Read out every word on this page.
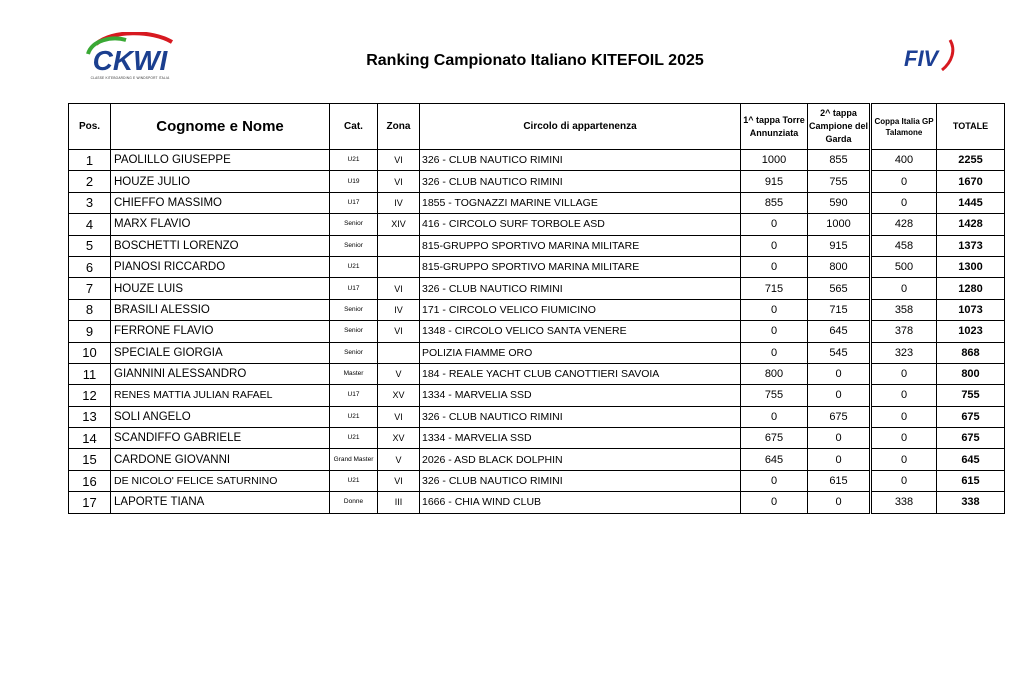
CKWI
CLASSE KITEBOARDING E WINDSPORT ITALIA
Ranking Campionato Italiano KITEFOIL 2025	FIV
Pos.	Cognome e Nome	Cat.	Zona	Circolo di appartenenza	1^ tappa Torre Annunziata	2^ tappa Campione del Garda	Coppa Italia GP Talamone	TOTALE
1	PAOLILLO GIUSEPPE	U21	VI	326 - CLUB NAUTICO RIMINI	1000	855	400	2255
2	HOUZE JULIO	U19	VI	326 - CLUB NAUTICO RIMINI	915	755	0	1670
3	CHIEFFO MASSIMO	U17	IV	1855 - TOGNAZZI MARINE VILLAGE	855	590	0	1445
4	MARX FLAVIO	Senior	XIV	416 - CIRCOLO SURF TORBOLE ASD	0	1000	428	1428
5	BOSCHETTI LORENZO	Senior		815-GRUPPO SPORTIVO MARINA MILITARE	0	915	458	1373
6	PIANOSI RICCARDO	U21		815-GRUPPO SPORTIVO MARINA MILITARE	0	800	500	1300
7	HOUZE LUIS	U17	VI	326 - CLUB NAUTICO RIMINI	715	565	0	1280
8	BRASILI ALESSIO	Senior	IV	171 - CIRCOLO VELICO FIUMICINO	0	715	358	1073
9	FERRONE FLAVIO	Senior	VI	1348 - CIRCOLO VELICO SANTA VENERE	0	645	378	1023
10	SPECIALE GIORGIA	Senior		POLIZIA FIAMME ORO	0	545	323	868
11	GIANNINI ALESSANDRO	Master	V	184 - REALE YACHT CLUB CANOTTIERI SAVOIA	800	0	0	800
12	RENES MATTIA JULIAN RAFAEL	U17	XV	1334 - MARVELIA SSD	755	0	0	755
13	SOLI ANGELO	U21	VI	326 - CLUB NAUTICO RIMINI	0	675	0	675
14	SCANDIFFO GABRIELE	U21	XV	1334 - MARVELIA SSD	675	0	0	675
15	CARDONE GIOVANNI	Grand Master	V	2026 - ASD BLACK DOLPHIN	645	0	0	645
16	DE NICOLO' FELICE SATURNINO	U21	VI	326 - CLUB NAUTICO RIMINI	0	615	0	615
17	LAPORTE TIANA	Donne	III	1666 - CHIA WIND CLUB	0	0	338	338
